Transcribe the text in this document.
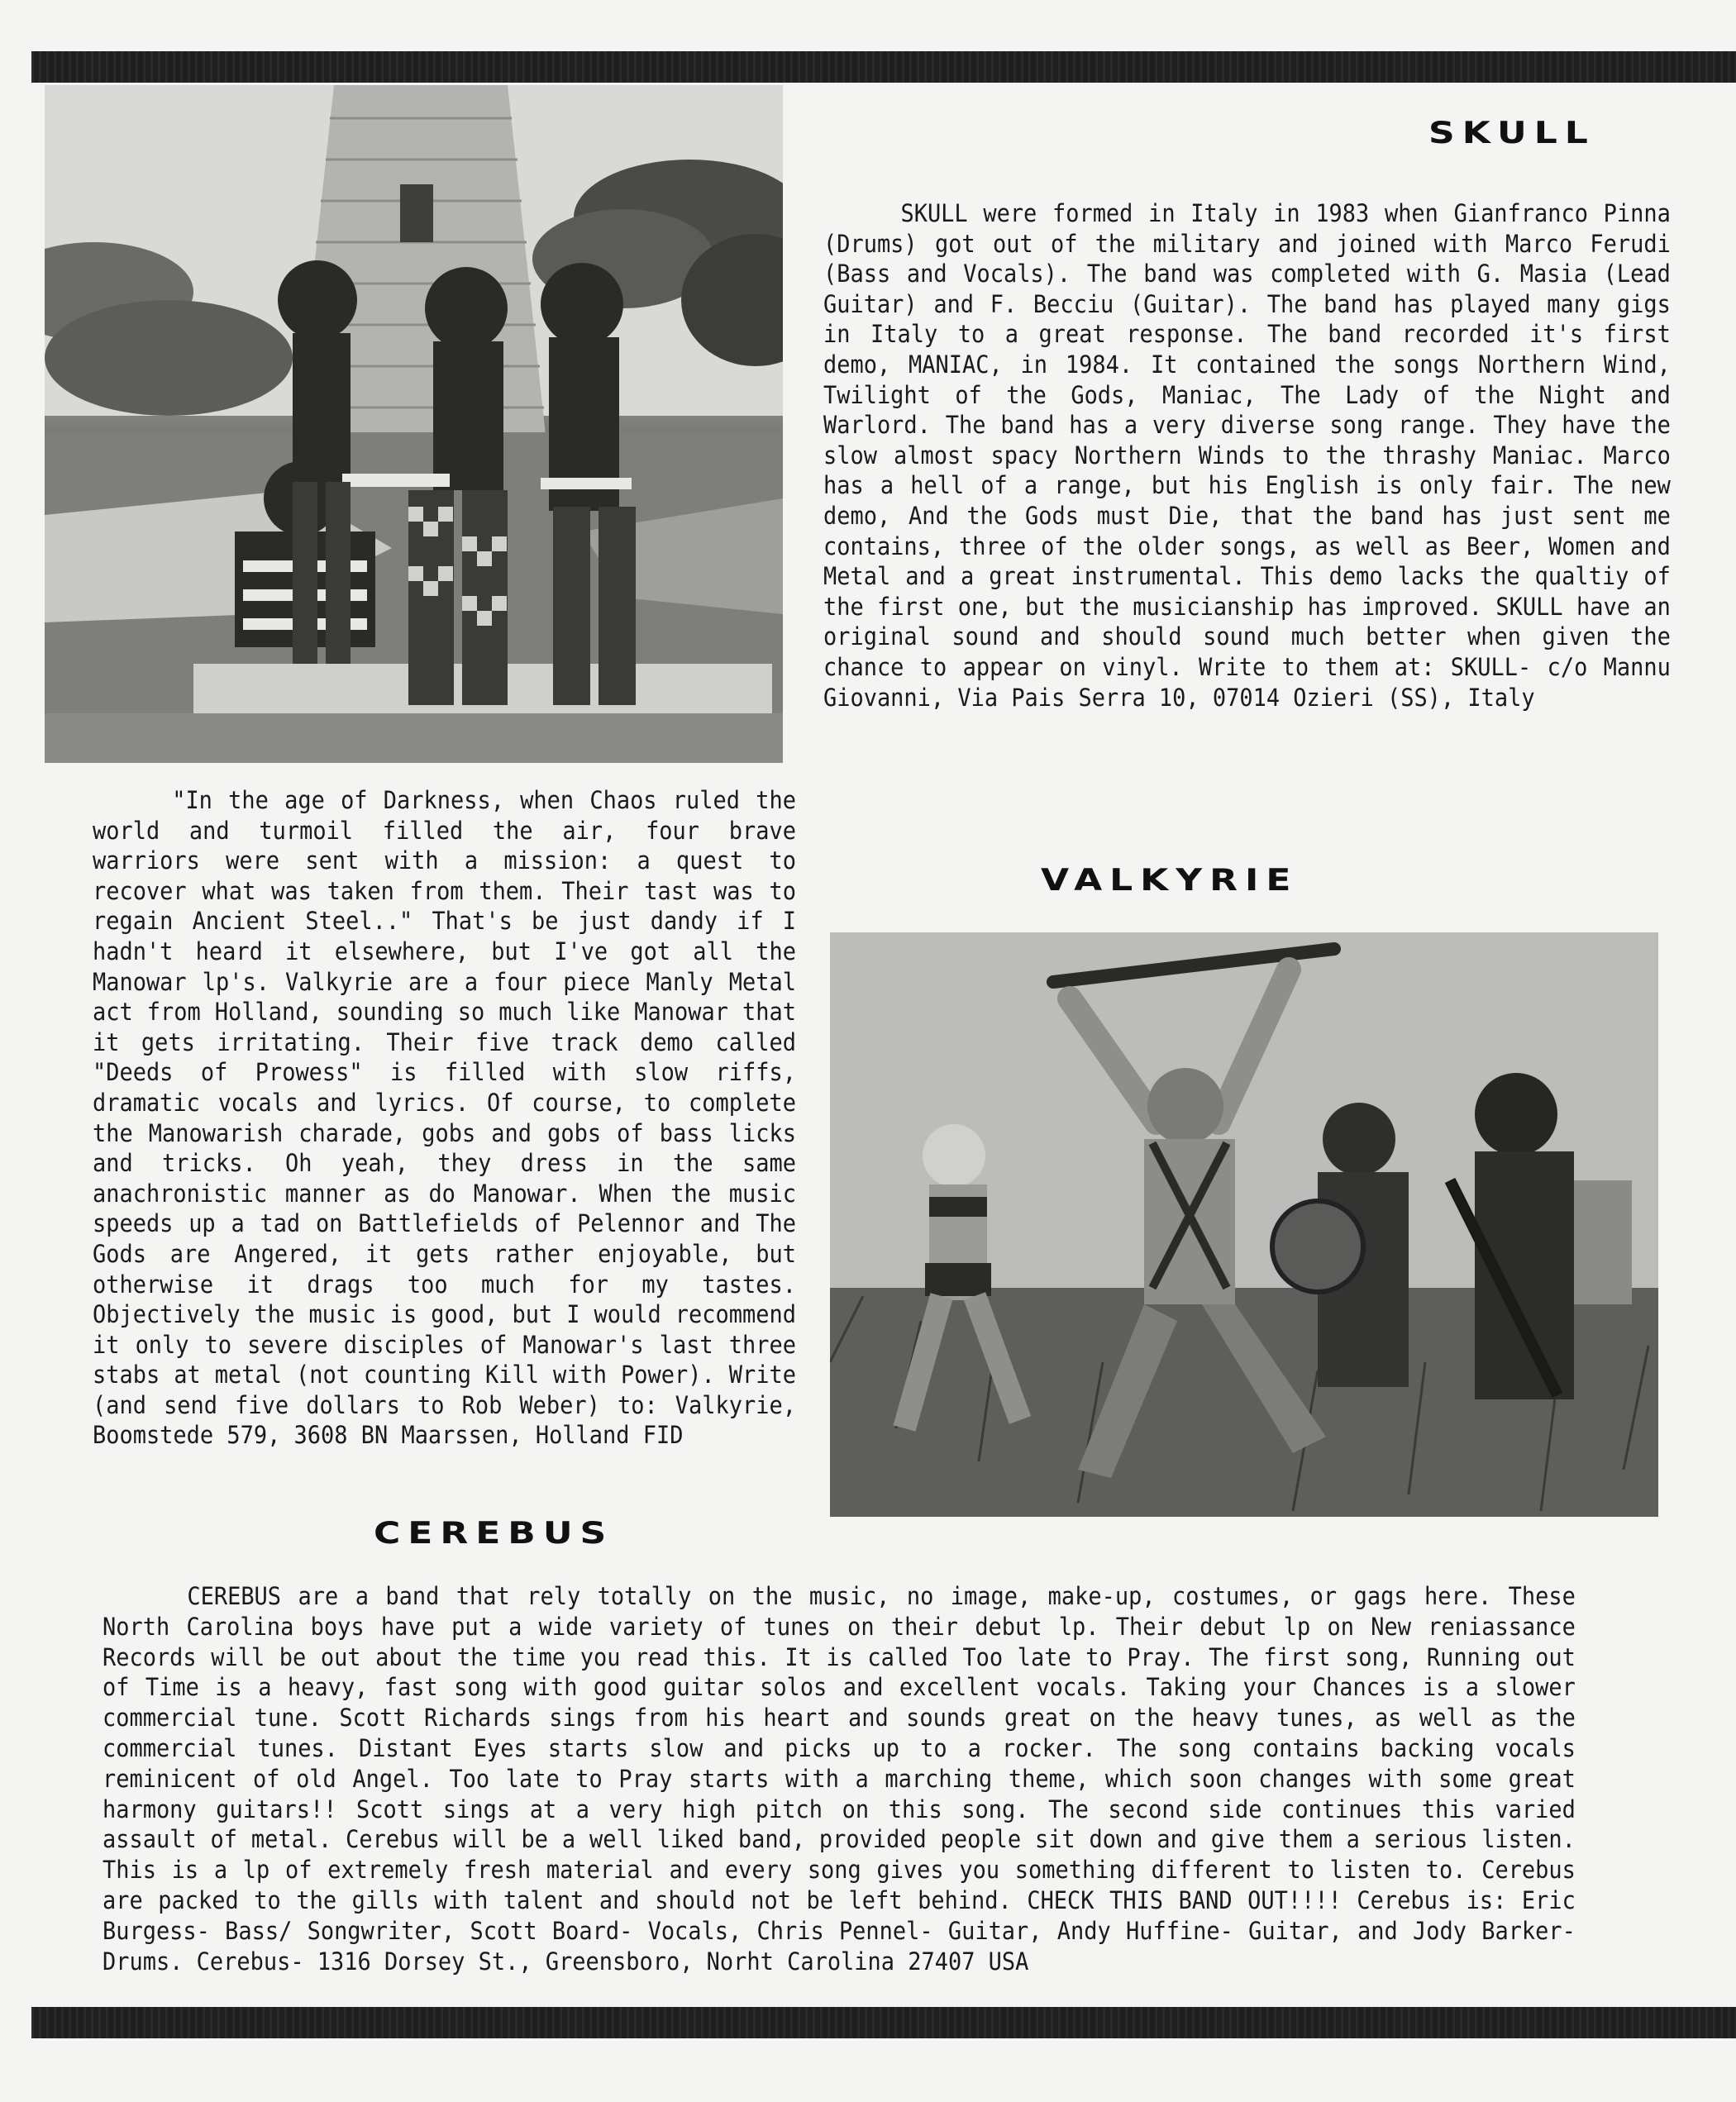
SKULL

SKULL were formed in Italy in 1983 when Gianfranco Pinna (Drums) got out of the military and joined with Marco Ferudi (Bass and Vocals). The band was completed with G. Masia (Lead Guitar) and F. Becciu (Guitar). The band has played many gigs in Italy to a great response. The band recorded it's first demo, MANIAC, in 1984. It contained the songs Northern Wind, Twilight of the Gods, Maniac, The Lady of the Night and Warlord. The band has a very diverse song range. They have the slow almost spacy Northern Winds to the thrashy Maniac. Marco has a hell of a range, but his English is only fair. The new demo, And the Gods must Die, that the band has just sent me contains, three of the older songs, as well as Beer, Women and Metal and a great instrumental. This demo lacks the qualtiy of the first one, but the musicianship has improved. SKULL have an original sound and should sound much better when given the chance to appear on vinyl. Write to them at: SKULL- c/o Mannu Giovanni, Via Pais Serra 10, 07014 Ozieri (SS), Italy

VALKYRIE

"In the age of Darkness, when Chaos ruled the world and turmoil filled the air, four brave warriors were sent with a mission: a quest to recover what was taken from them. Their tast was to regain Ancient Steel.." That's be just dandy if I hadn't heard it elsewhere, but I've got all the Manowar lp's. Valkyrie are a four piece Manly Metal act from Holland, sounding so much like Manowar that it gets irritating. Their five track demo called "Deeds of Prowess" is filled with slow riffs, dramatic vocals and lyrics. Of course, to complete the Manowarish charade, gobs and gobs of bass licks and tricks. Oh yeah, they dress in the same anachronistic manner as do Manowar. When the music speeds up a tad on Battlefields of Pelennor and The Gods are Angered, it gets rather enjoyable, but otherwise it drags too much for my tastes. Objectively the music is good, but I would recommend it only to severe disciples of Manowar's last three stabs at metal (not counting Kill with Power). Write (and send five dollars to Rob Weber) to: Valkyrie, Boomstede 579, 3608 BN Maarssen, Holland FID

CEREBUS

CEREBUS are a band that rely totally on the music, no image, make-up, costumes, or gags here. These North Carolina boys have put a wide variety of tunes on their debut lp. Their debut lp on New reniassance Records will be out about the time you read this. It is called Too late to Pray. The first song, Running out of Time is a heavy, fast song with good guitar solos and excellent vocals. Taking your Chances is a slower commercial tune. Scott Richards sings from his heart and sounds great on the heavy tunes, as well as the commercial tunes. Distant Eyes starts slow and picks up to a rocker. The song contains backing vocals reminicent of old Angel. Too late to Pray starts with a marching theme, which soon changes with some great harmony guitars!! Scott sings at a very high pitch on this song. The second side continues this varied assault of metal. Cerebus will be a well liked band, provided people sit down and give them a serious listen. This is a lp of extremely fresh material and every song gives you something different to listen to. Cerebus are packed to the gills with talent and should not be left behind. CHECK THIS BAND OUT!!!! Cerebus is: Eric Burgess- Bass/ Songwriter, Scott Board- Vocals, Chris Pennel- Guitar, Andy Huffine- Guitar, and Jody Barker- Drums. Cerebus- 1316 Dorsey St., Greensboro, Norht Carolina 27407 USA
